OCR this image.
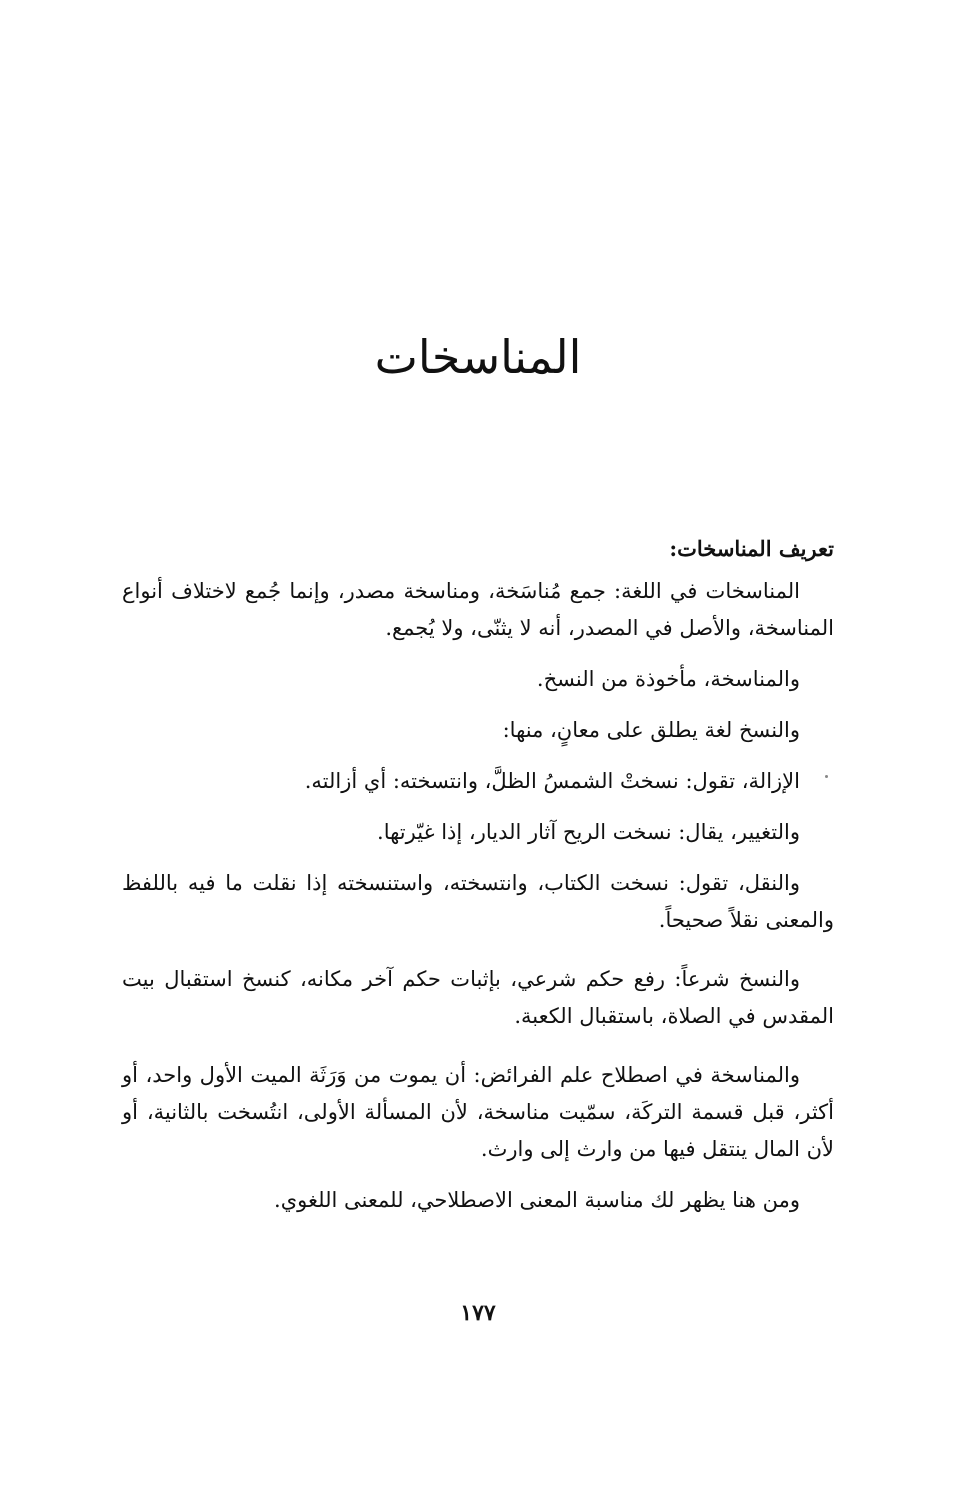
المناسخات
تعريف المناسخات:

المناسخات في اللغة: جمع مُناسَخة، ومناسخة مصدر، وإنما جُمع لاختلاف أنواع المناسخة، والأصل في المصدر، أنه لا يثنّى، ولا يُجمع.

والمناسخة، مأخوذة من النسخ.

والنسخ لغة يطلق على معانٍ، منها:

الإزالة، تقول: نسختْ الشمسُ الظلَّ، وانتسخته: أي أزالته.

والتغيير، يقال: نسخت الريح آثار الديار، إذا غيّرتها.

والنقل، تقول: نسخت الكتاب، وانتسخته، واستنسخته إذا نقلت ما فيه باللفظ والمعنى نقلاً صحيحاً.

والنسخ شرعاً: رفع حكم شرعي، بإثبات حكم آخر مكانه، كنسخ استقبال بيت المقدس في الصلاة، باستقبال الكعبة.

والمناسخة في اصطلاح علم الفرائض: أن يموت من وَرَثَة الميت الأول واحد، أو أكثر، قبل قسمة التركَة، سمّيت مناسخة، لأن المسألة الأولى، انتُسخت بالثانية، أو لأن المال ينتقل فيها من وارث إلى وارث.

ومن هنا يظهر لك مناسبة المعنى الاصطلاحي، للمعنى اللغوي.

١٧٧
